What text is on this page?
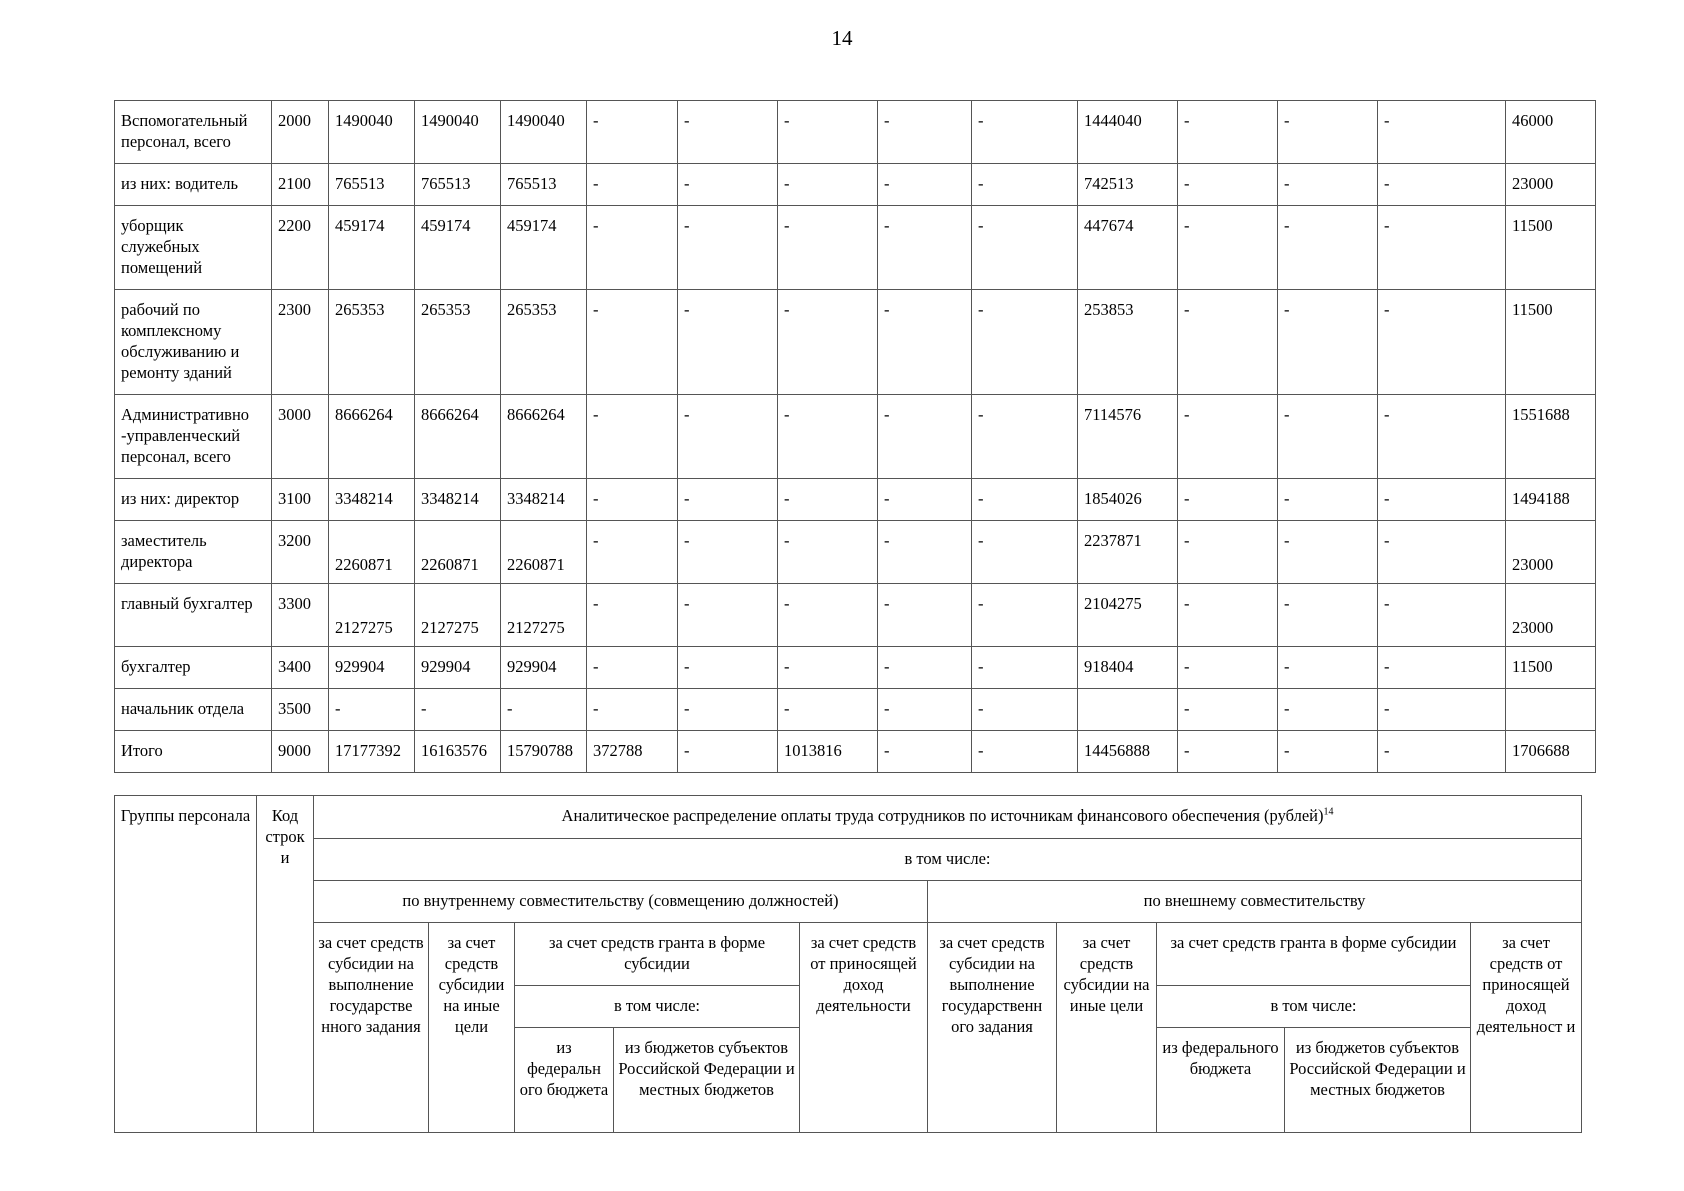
14
Вспомогательный персонал, всего	2000	1490040	1490040	1490040	-	-	-	-	-	1444040	-	-	-	46000
из них: водитель	2100	765513	765513	765513	-	-	-	-	-	742513	-	-	-	23000
уборщик служебных помещений	2200	459174	459174	459174	-	-	-	-	-	447674	-	-	-	11500
рабочий по комплексному обслуживанию и ремонту зданий	2300	265353	265353	265353	-	-	-	-	-	253853	-	-	-	11500
Административно -управленческий персонал, всего	3000	8666264	8666264	8666264	-	-	-	-	-	7114576	-	-	-	1551688
из них: директор	3100	3348214	3348214	3348214	-	-	-	-	-	1854026	-	-	-	1494188
заместитель директора	3200	2260871	2260871	2260871	-	-	-	-	-	2237871	-	-	-	23000

главный бухгалтер	3300	2127275	2127275	2127275	-	-	-	-	-	2104275	-	-	-	23000

бухгалтер	3400	929904	929904	929904	-	-	-	-	-	918404	-	-	-	11500
начальник отдела	3500	-	-	-	-	-	-	-	-		-	-	-	
Итого	9000	17177392	16163576	15790788	372788	-	1013816	-	-	14456888	-	-	-	1706688
Группы персонала	Код строк и	Аналитическое распределение оплаты труда сотрудников по источникам финансового обеспечения (рублей)$^{14}$
		в том числе:									
		по внутреннему совместительству (совмещению должностей)					по внешнему совместительству				
		за счет средств субсидии на выполнение государстве нного задания	за счет средств субсидии на иные цели	за счет средств гранта в форме субсидии		за счет средств от приносящей доход деятельности	за счет средств субсидии на выполнение государственн ого задания	за счет средств субсидии на иные цели	за счет средств гранта в форме субсидии		за счет средств от приносящей доход деятельност и
				в том числе:					в том числе:		
				из федеральн ого бюджета	из бюджетов субъектов Российской Федерации и местных бюджетов				из федерального бюджета	из бюджетов субъектов Российской Федерации и местных бюджетов	
